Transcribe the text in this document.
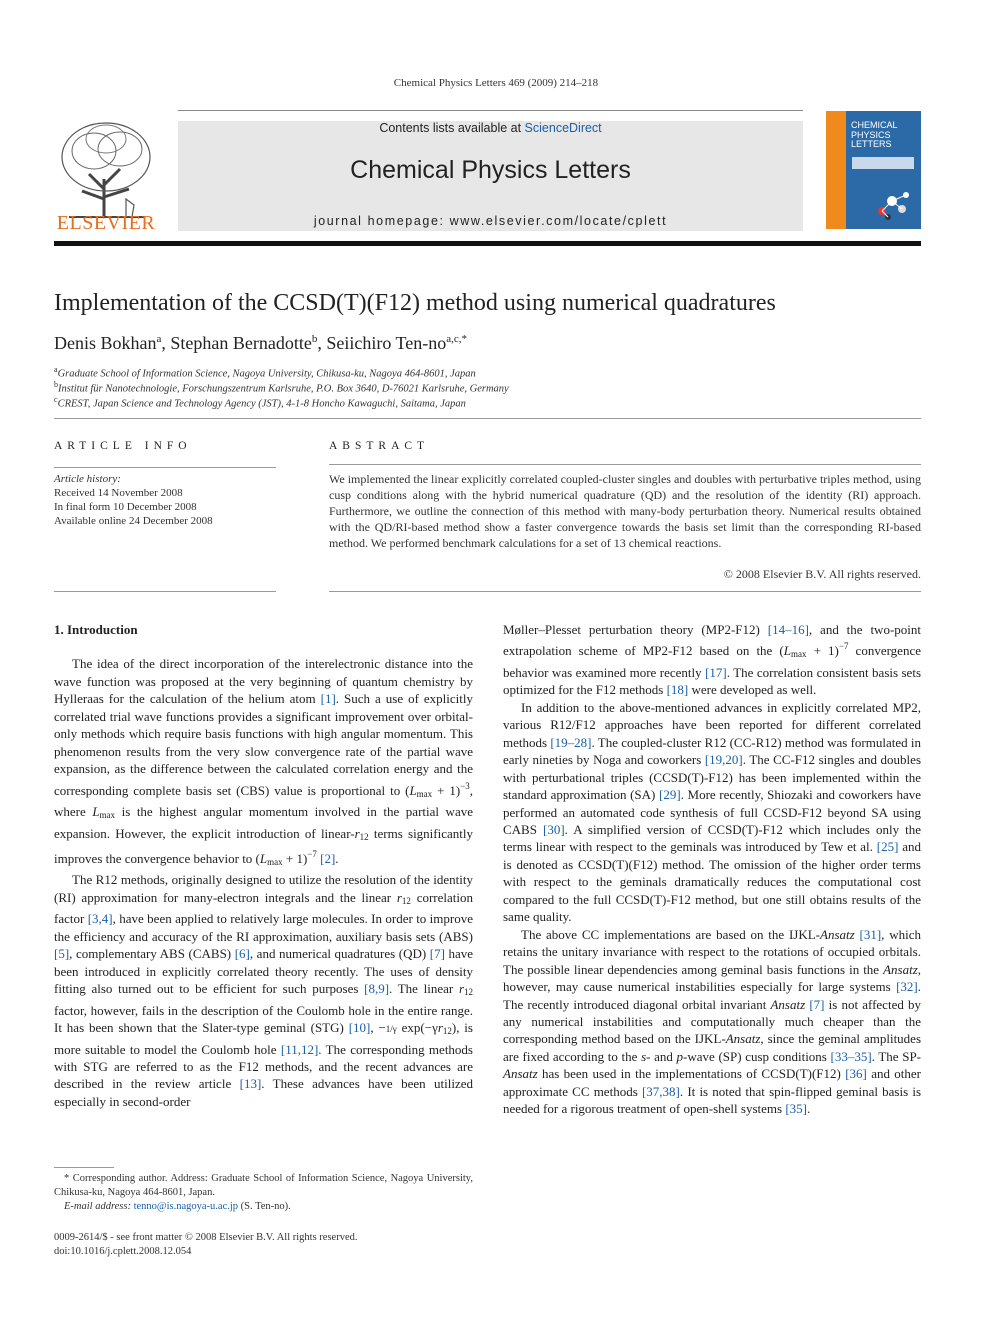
Chemical Physics Letters 469 (2009) 214–218
ELSEVIER
Contents lists available at ScienceDirect
Chemical Physics Letters
journal homepage: www.elsevier.com/locate/cplett
CHEMICAL
PHYSICS
LETTERS
Implementation of the CCSD(T)(F12) method using numerical quadratures
Denis Bokhan$^a$, Stephan Bernadotte$^b$, Seiichiro Ten-$no^{a,c,*}$
$^a$Graduate School of Information Science, Nagoya University, Chikusa-ku, Nagoya 464-8601, Japan
$^b$Institut für Nanotechnologie, Forschungszentrum Karlsruhe, P.O. Box 3640, D-76021 Karlsruhe, Germany
$^c$CREST, Japan Science and Technology Agency (JST), 4-1-8 Honcho Kawaguchi, Saitama, Japan
ARTICLE INFO
Article history:
Received 14 November 2008
In final form 10 December 2008
Available online 24 December 2008
ABSTRACT
We implemented the linear explicitly correlated coupled-cluster singles and doubles with perturbative triples method, using cusp conditions along with the hybrid numerical quadrature (QD) and the resolution of the identity (RI) approach. Furthermore, we outline the connection of this method with many-body perturbation theory. Numerical results obtained with the QD/RI-based method show a faster convergence towards the basis set limit than the corresponding RI-based method. We performed benchmark calculations for a set of 13 chemical reactions.
© 2008 Elsevier B.V. All rights reserved.

1. Introduction

The idea of the direct incorporation of the interelectronic distance into the wave function was proposed at the very beginning of quantum chemistry by Hylleraas for the calculation of the helium atom [1]. Such a use of explicitly correlated trial wave functions provides a significant improvement over orbital-only methods which require basis functions with high angular momentum. This phenomenon results from the very slow convergence rate of the partial wave expansion, as the difference between the calculated correlation energy and the corresponding complete basis set (CBS) value is proportional to $(L_{max} + 1)^{-3}$, where $L_{max}$ is the highest angular momentum involved in the partial wave expansion. However, the explicit introduction of linear-$r_{12}$ terms significantly improves the convergence behavior to $(L_{max} + 1)^{-7}$ [2].

The R12 methods, originally designed to utilize the resolution of the identity (RI) approximation for many-electron integrals and the linear $r_{12}$ correlation factor [3,4], have been applied to relatively large molecules. In order to improve the efficiency and accuracy of the RI approximation, auxiliary basis sets (ABS) [5], complementary ABS (CABS) [6], and numerical quadratures (QD) [7] have been introduced in explicitly correlated theory recently. The uses of density fitting also turned out to be efficient for such purposes [8,9]. The linear $r_{12}$ factor, however, fails in the description of the Coulomb hole in the entire range. It has been shown that the Slater-type geminal (STG) [10], −1/γ $\exp(-\gamma r_{12})$, is more suitable to model the Coulomb hole [11,12]. The corresponding methods with STG are referred to as the F12 methods, and the recent advances are described in the review article [13]. These advances have been utilized especially in second-order

Møller–Plesset perturbation theory (MP2-F12) [14–16], and the two-point extrapolation scheme of MP2-F12 based on the $(L_{max} + 1)^{-7}$ convergence behavior was examined more recently [17]. The correlation consistent basis sets optimized for the F12 methods [18] were developed as well.

In addition to the above-mentioned advances in explicitly correlated MP2, various R12/F12 approaches have been reported for different correlated methods [19–28]. The coupled-cluster R12 (CC-R12) method was formulated in early nineties by Noga and coworkers [19,20]. The CC-F12 singles and doubles with perturbational triples (CCSD(T)-F12) has been implemented within the standard approximation (SA) [29]. More recently, Shiozaki and coworkers have performed an automated code synthesis of full CCSD-F12 beyond SA using CABS [30]. A simplified version of CCSD(T)-F12 which includes only the terms linear with respect to the geminals was introduced by Tew et al. [25] and is denoted as CCSD(T)(F12) method. The omission of the higher order terms with respect to the geminals dramatically reduces the computational cost compared to the full CCSD(T)-F12 method, but one still obtains results of the same quality.

The above CC implementations are based on the IJKL-Ansatz [31], which retains the unitary invariance with respect to the rotations of occupied orbitals. The possible linear dependencies among geminal basis functions in the Ansatz, however, may cause numerical instabilities especially for large systems [32]. The recently introduced diagonal orbital invariant Ansatz [7] is not affected by any numerical instabilities and computationally much cheaper than the corresponding method based on the IJKL-Ansatz, since the geminal amplitudes are fixed according to the s- and p-wave (SP) cusp conditions [33–35]. The SP-Ansatz has been used in the implementations of CCSD(T)(F12) [36] and other approximate CC methods [37,38]. It is noted that spin-flipped geminal basis is needed for a rigorous treatment of open-shell systems [35].

* Corresponding author. Address: Graduate School of Information Science, Nagoya University, Chikusa-ku, Nagoya 464-8601, Japan.
E-mail address: tenno@is.nagoya-u.ac.jp (S. Ten-no).
0009-2614/$ - see front matter © 2008 Elsevier B.V. All rights reserved.
doi:10.1016/j.cplett.2008.12.054
